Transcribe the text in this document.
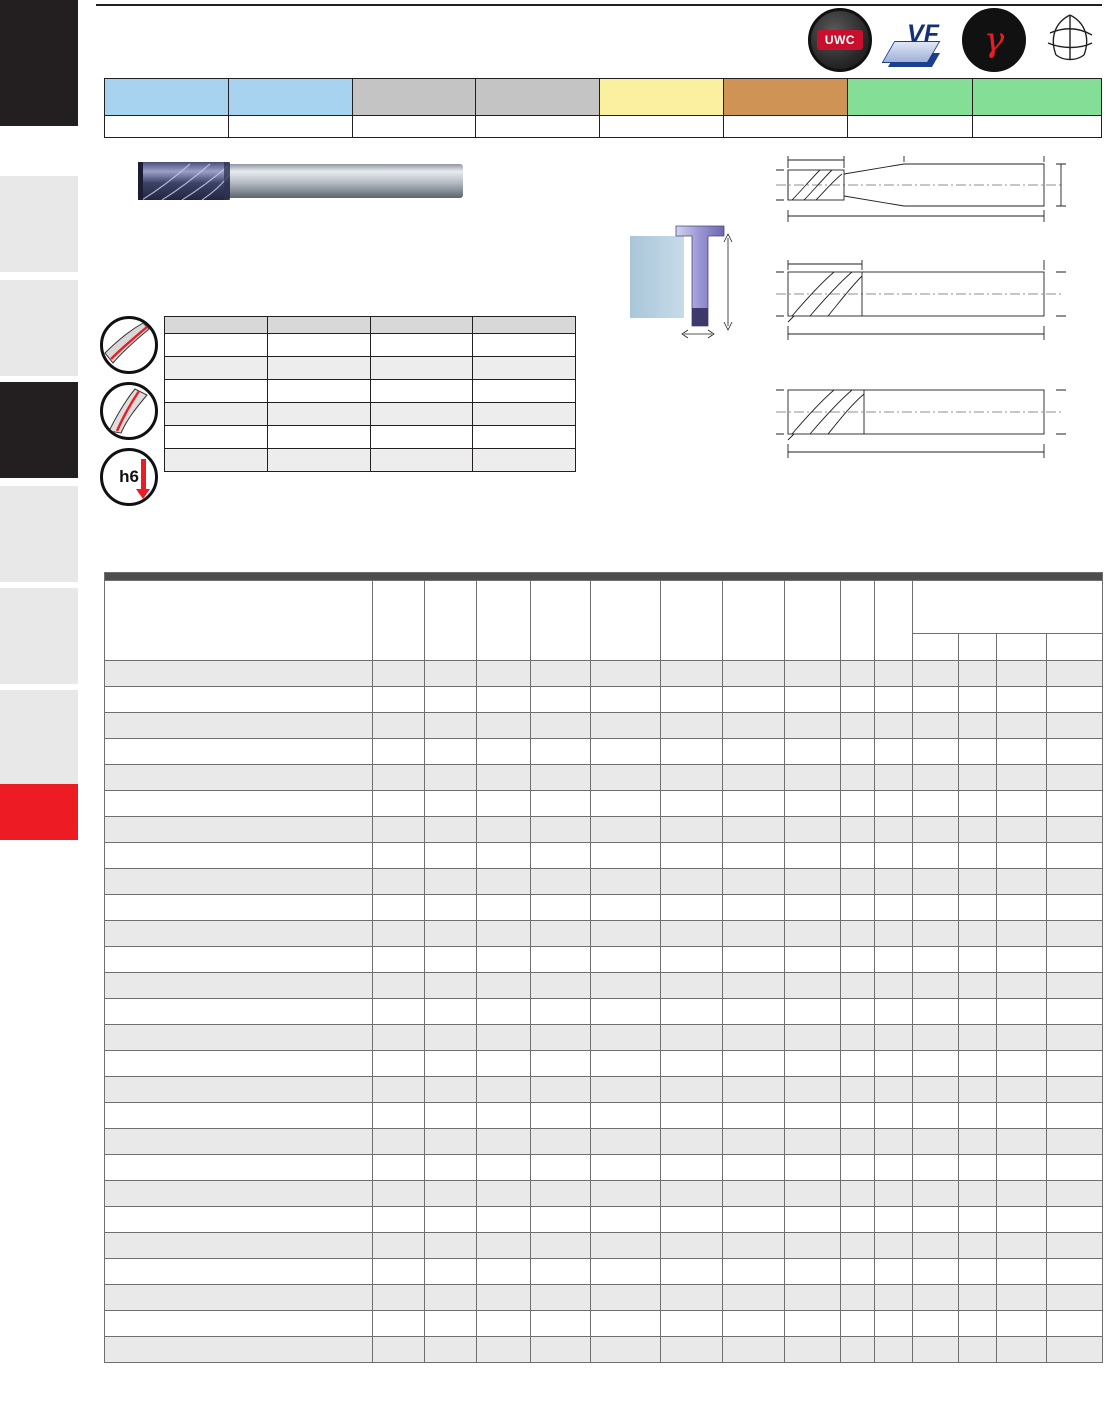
UWC	VF γ
h6
